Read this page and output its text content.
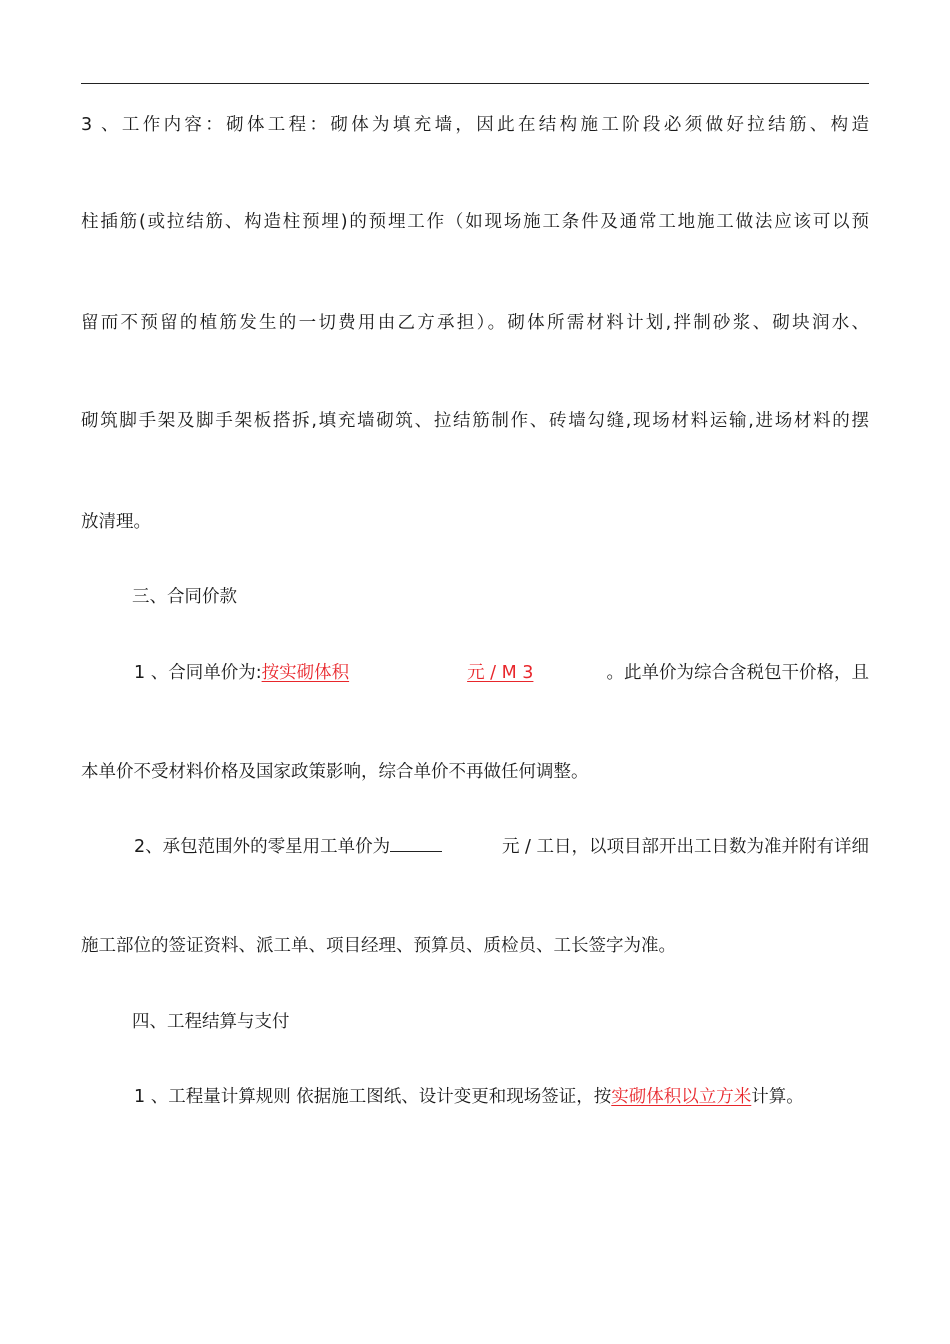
3 、工作内容：砌体工程：砌体为填充墙，因此在结构施工阶段必须做好拉结筋、构造
柱插筋(或拉结筋、构造柱预埋)的预埋工作（如现场施工条件及通常工地施工做法应该可以预
留而不预留的植筋发生的一切费用由乙方承担）。砌体所需材料计划,拌制砂浆、砌块润水、
砌筑脚手架及脚手架板搭拆,填充墙砌筑、拉结筋制作、砖墙勾缝,现场材料运输,进场材料的摆
放清理。
三、合同价款
1 、合同单价为:按实砌体积	元 / M 3	。此单价为综合含税包干价格，且
本单价不受材料价格及国家政策影响，综合单价不再做任何调整。
2、承包范围外的零星用工单价为	元 / 工日，以项目部开出工日数为准并附有详细
施工部位的签证资料、派工单、项目经理、预算员、质检员、工长签字为准。
四、工程结算与支付
1 、工程量计算规则 依据施工图纸、设计变更和现场签证，按实砌体积以立方米计算。
